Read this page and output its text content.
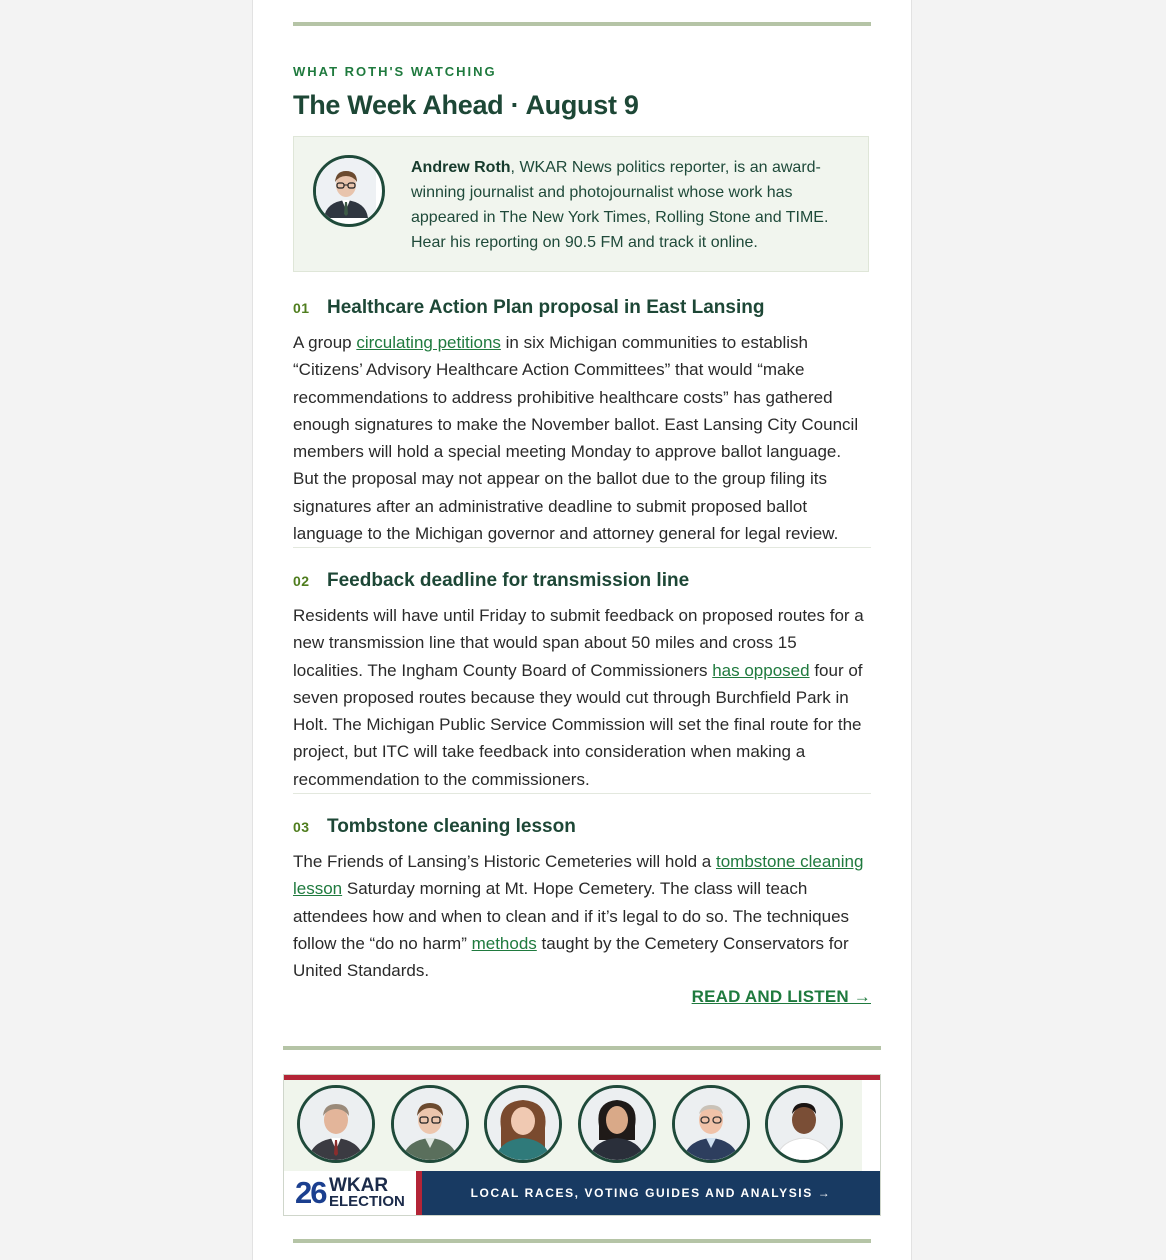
WHAT ROTH'S WATCHING
The Week Ahead · August 9
Andrew Roth, WKAR News politics reporter, is an award-winning journalist and photojournalist whose work has appeared in The New York Times, Rolling Stone and TIME. Hear his reporting on 90.5 FM and track it online.
01 Healthcare Action Plan proposal in East Lansing

A group circulating petitions in six Michigan communities to establish “Citizens’ Advisory Healthcare Action Committees” that would “make recommendations to address prohibitive healthcare costs” has gathered enough signatures to make the November ballot. East Lansing City Council members will hold a special meeting Monday to approve ballot language. But the proposal may not appear on the ballot due to the group filing its signatures after an administrative deadline to submit proposed ballot language to the Michigan governor and attorney general for legal review.

02 Feedback deadline for transmission line

Residents will have until Friday to submit feedback on proposed routes for a new transmission line that would span about 50 miles and cross 15 localities. The Ingham County Board of Commissioners has opposed four of seven proposed routes because they would cut through Burchfield Park in Holt. The Michigan Public Service Commission will set the final route for the project, but ITC will take feedback into consideration when making a recommendation to the commissioners.

03 Tombstone cleaning lesson

The Friends of Lansing’s Historic Cemeteries will hold a tombstone cleaning lesson Saturday morning at Mt. Hope Cemetery. The class will teach attendees how and when to clean and if it’s legal to do so. The techniques follow the “do no harm” methods taught by the Cemetery Conservators for United Standards.

READ AND LISTEN →
26 WKAR
ELECTION	LOCAL RACES, VOTING GUIDES AND ANALYSIS →
